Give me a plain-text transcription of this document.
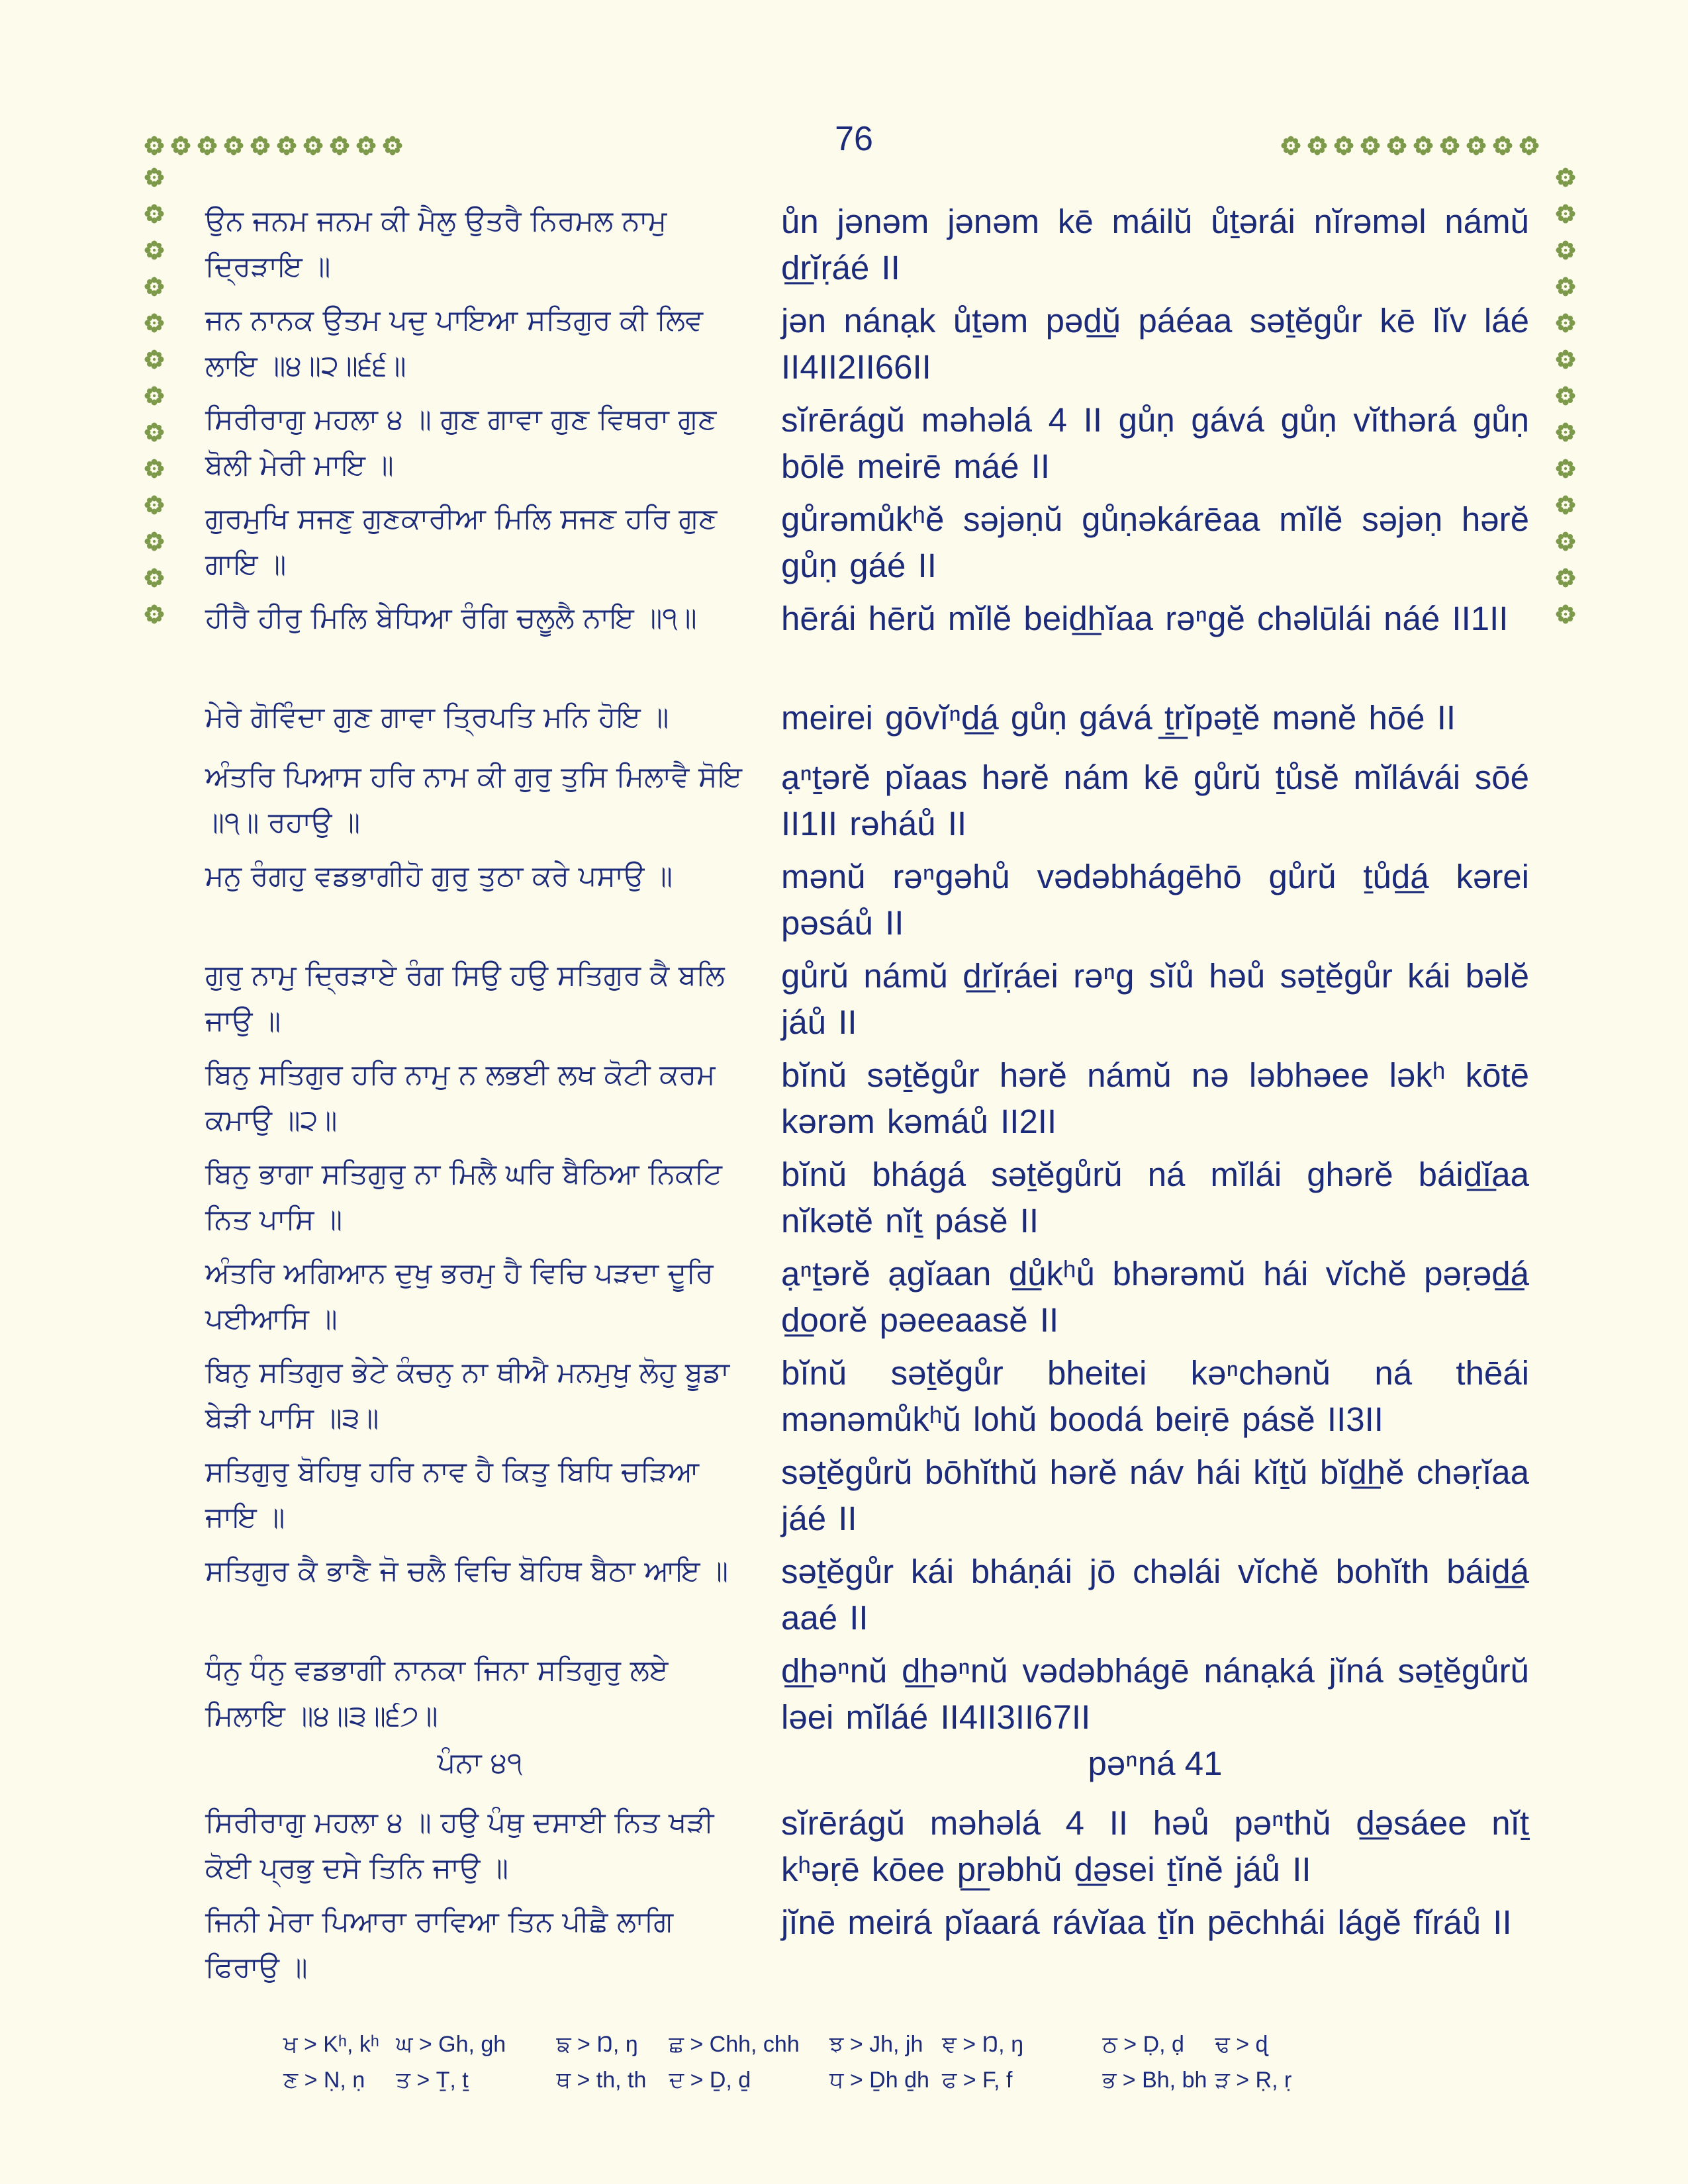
76
ਉਨ ਜਨਮ ਜਨਮ ਕੀ ਮੈਲੁ ਉਤਰੈ ਨਿਰਮਲ ਨਾਮੁ ਦ੍ਰਿੜਾਇ ॥
ůn jənəm jənəm kē máilŭ ůṯərái nĭrəməl námŭ d͟rĭṛáé II
ਜਨ ਨਾਨਕ ਉਤਮ ਪਦੁ ਪਾਇਆ ਸਤਿਗੁਰ ਕੀ ਲਿਵ ਲਾਇ ॥੪॥੨॥੬੬॥
jən nánạk ůṯəm pəd͟ŭ páéaa səṯĕgůr kē lĭv láé II4II2II66II
ਸਿਰੀਰਾਗੁ ਮਹਲਾ ੪ ॥ ਗੁਣ ਗਾਵਾ ਗੁਣ ਵਿਥਰਾ ਗੁਣ ਬੋਲੀ ਮੇਰੀ ਮਾਇ ॥
sĭrērágŭ məhəlá 4 II gůṇ gává gůṇ vĭthərá gůṇ bōlē meirē máé II
ਗੁਰਮੁਖਿ ਸਜਣੁ ਗੁਣਕਾਰੀਆ ਮਿਲਿ ਸਜਣ ਹਰਿ ਗੁਣ ਗਾਇ ॥
gůrəmůkʰĕ səjəṇŭ gůṇəkárēaa mĭlĕ səjəṇ hərĕ gůṇ gáé II
ਹੀਰੈ ਹੀਰੁ ਮਿਲਿ ਬੇਧਿਆ ਰੰਗਿ ਚਲੂਲੈ ਨਾਇ ॥੧॥	hērái hērŭ mĭlĕ beid͟hĭaa rəⁿgĕ chəlūlái náé II1II
ਮੇਰੇ ਗੋਵਿੰਦਾ ਗੁਣ ਗਾਵਾ ਤ੍ਰਿਪਤਿ ਮਨਿ ਹੋਇ ॥	meirei gōvĭⁿd͟á gůṇ gává ṯ͟rĭpəṯĕ mənĕ hōé II
ਅੰਤਰਿ ਪਿਆਸ ਹਰਿ ਨਾਮ ਕੀ ਗੁਰੁ ਤੁਸਿ ਮਿਲਾਵੈ ਸੋਇ ॥੧॥ ਰਹਾਉ ॥
ạⁿṯərĕ pĭaas hərĕ nám kē gůrŭ ṯůsĕ mĭlávái sōé II1II rəháů II
ਮਨੁ ਰੰਗਹੁ ਵਡਭਾਗੀਹੋ ਗੁਰੁ ਤੁਠਾ ਕਰੇ ਪਸਾਉ ॥	mənŭ rəⁿgəhů vədəbhágēhō gůrŭ ṯůd͟á kərei pəsáů II
ਗੁਰੁ ਨਾਮੁ ਦ੍ਰਿੜਾਏ ਰੰਗ ਸਿਉ ਹਉ ਸਤਿਗੁਰ ਕੈ ਬਲਿ ਜਾਉ ॥
gůrŭ námŭ d͟rĭṛáei rəⁿg sĭů həů səṯĕgůr kái bəlĕ jáů II
ਬਿਨੁ ਸਤਿਗੁਰ ਹਰਿ ਨਾਮੁ ਨ ਲਭਈ ਲਖ ਕੋਟੀ ਕਰਮ ਕਮਾਉ ॥੨॥
bĭnŭ səṯĕgůr hərĕ námŭ nə ləbhəee ləkʰ kōtē kərəm kəmáů II2II
ਬਿਨੁ ਭਾਗਾ ਸਤਿਗੁਰੁ ਨਾ ਮਿਲੈ ਘਰਿ ਬੈਠਿਆ ਨਿਕਟਿ ਨਿਤ ਪਾਸਿ ॥
bĭnŭ bhágá səṯĕgůrŭ ná mĭlái ghərĕ báid͟ĭaa nĭkətĕ nĭṯ pásĕ II
ਅੰਤਰਿ ਅਗਿਆਨ ਦੁਖੁ ਭਰਮੁ ਹੈ ਵਿਚਿ ਪੜਦਾ ਦੂਰਿ ਪਈਆਸਿ ॥
ạⁿṯərĕ ạgĭaan d͟ůkʰů bhərəmŭ hái vĭchĕ pəṛəd͟á d͟oorĕ pəeeaasĕ II
ਬਿਨੁ ਸਤਿਗੁਰ ਭੇਟੇ ਕੰਚਨੁ ਨਾ ਥੀਐ ਮਨਮੁਖੁ ਲੋਹੁ ਬੂਡਾ ਬੇੜੀ ਪਾਸਿ ॥੩॥
bĭnŭ səṯĕgůr bheitei kəⁿchənŭ ná thēái mənəmůkʰŭ lohŭ boodá beiṛē pásĕ II3II
ਸਤਿਗੁਰੁ ਬੋਹਿਥੁ ਹਰਿ ਨਾਵ ਹੈ ਕਿਤੁ ਬਿਧਿ ਚੜਿਆ ਜਾਇ ॥
səṯĕgůrŭ bōhĭthŭ hərĕ náv hái kĭṯŭ bĭd͟hĕ chəṛĭaa jáé II
ਸਤਿਗੁਰ ਕੈ ਭਾਣੈ ਜੋ ਚਲੈ ਵਿਚਿ ਬੋਹਿਥ ਬੈਠਾ ਆਇ ॥	səṯĕgůr kái bháṇái jō chəlái vĭchĕ bohĭth báid͟á aaé II
ਧੰਨੁ ਧੰਨੁ ਵਡਭਾਗੀ ਨਾਨਕਾ ਜਿਨਾ ਸਤਿਗੁਰੁ ਲਏ ਮਿਲਾਇ ॥੪॥੩॥੬੭॥
d͟həⁿnŭ d͟həⁿnŭ vədəbhágē nánạká jĭná səṯĕgůrŭ ləei mĭláé II4II3II67II
ਪੰਨਾ ੪੧	pəⁿná 41
ਸਿਰੀਰਾਗੁ ਮਹਲਾ ੪ ॥ ਹਉ ਪੰਥੁ ਦਸਾਈ ਨਿਤ ਖੜੀ ਕੋਈ ਪ੍ਰਭੁ ਦਸੇ ਤਿਨਿ ਜਾਉ ॥
sĭrērágŭ məhəlá 4 II həů pəⁿthŭ d͟əsáee nĭṯ kʰəṛē kōee p͟rəbhŭ d͟əsei ṯĭnĕ jáů II
ਜਿਨੀ ਮੇਰਾ ਪਿਆਰਾ ਰਾਵਿਆ ਤਿਨ ਪੀਛੈ ਲਾਗਿ ਫਿਰਾਉ ॥
jĭnē meirá pĭaará rávĭaa ṯĭn pēchhái lágĕ fĭráů II
ਖ > Kʰ, kʰ ਘ > Gh, gh	ਙ > Ŋ, ŋ	ਛ > Chh, chh	ਝ > Jh, jh ਞ > Ŋ, ŋ	ਠ > Ḍ, ḍ	ਢ > ɖ
ਣ > Ṇ, ṇ	ਤ > Ṯ, ṯ	ਥ > th, th	ਦ > Ḏ, ḏ	ਧ > Ḏh ḏh ਫ > F, f	ਭ > Bh, bh ੜ > Ṛ, ṛ
